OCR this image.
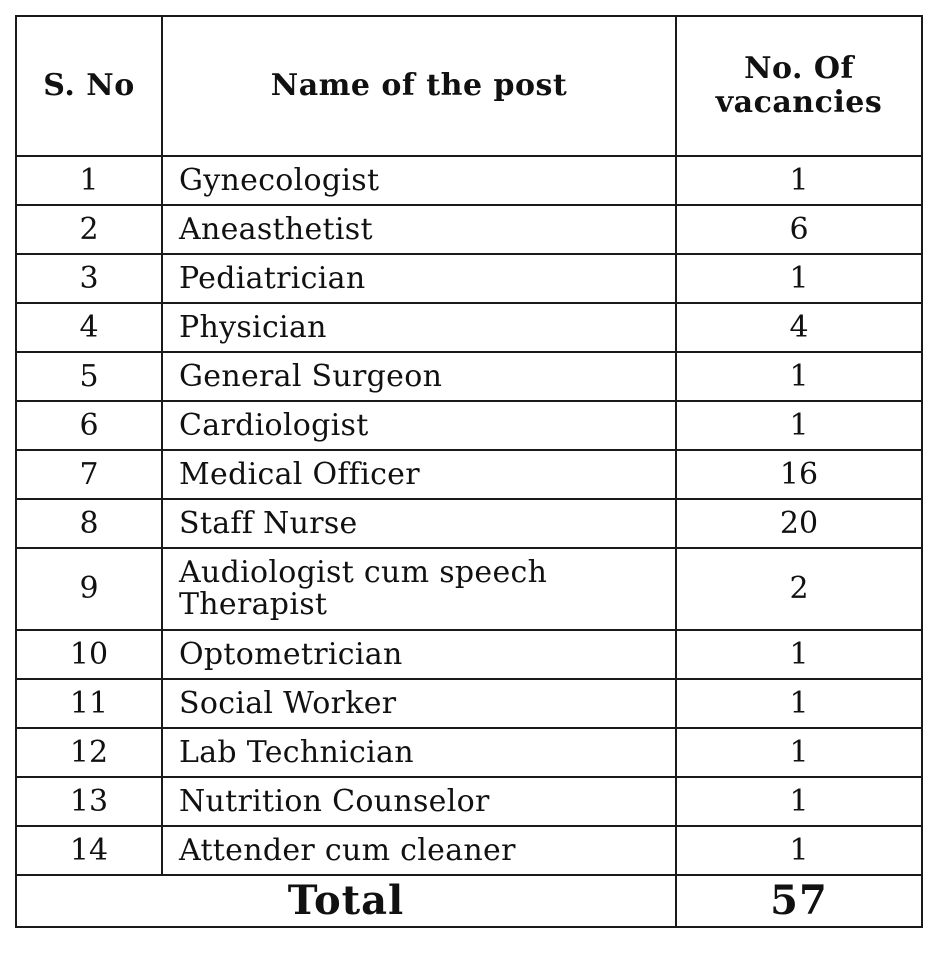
S. No	Name of the post	No. Of vacancies
1	Gynecologist	1
2	Aneasthetist	6
3	Pediatrician	1
4	Physician	4
5	General Surgeon	1
6	Cardiologist	1
7	Medical Officer	16
8	Staff Nurse	20
9	Audiologist cum speech Therapist	2
10	Optometrician	1
11	Social Worker	1
12	Lab Technician	1
13	Nutrition Counselor	1
14	Attender cum cleaner	1
Total		57
